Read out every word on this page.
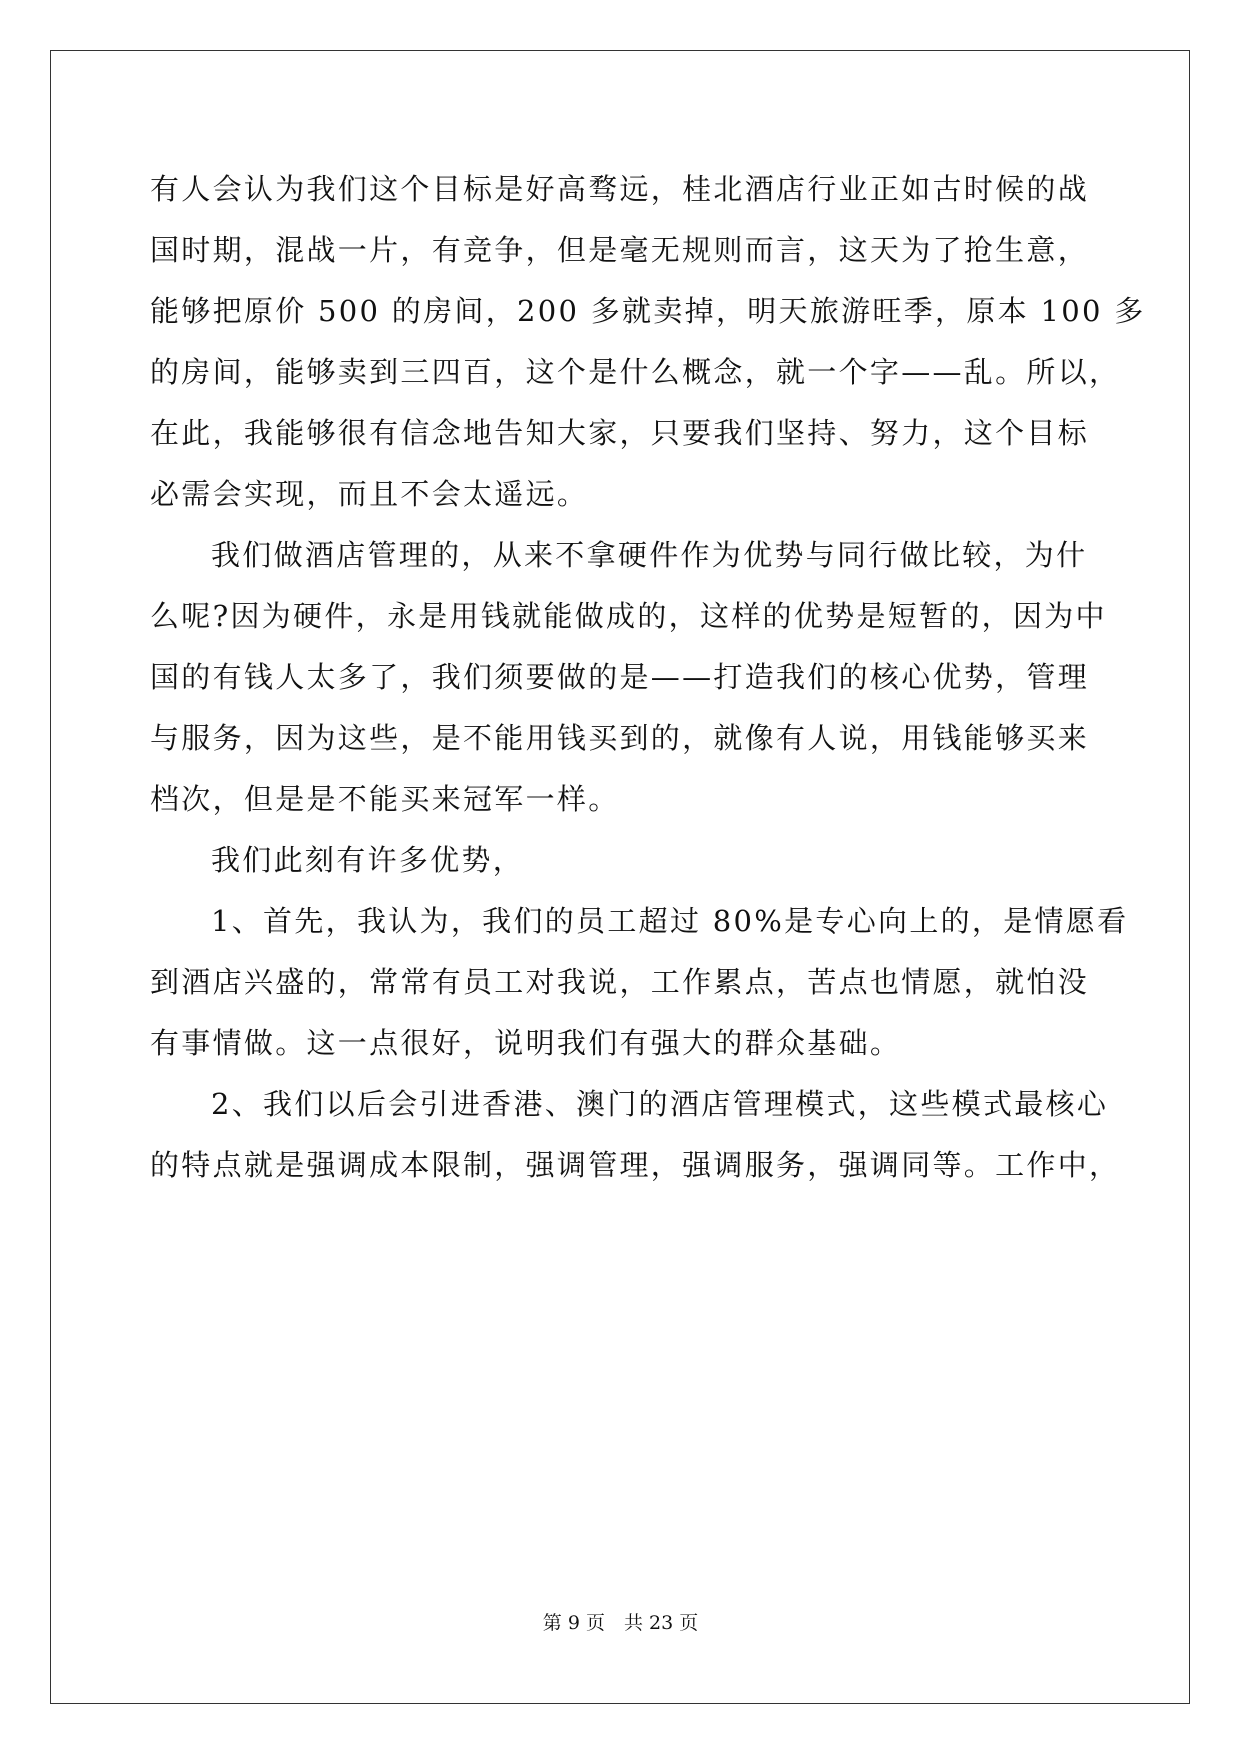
有人会认为我们这个目标是好高骛远，桂北酒店行业正如古时候的战
国时期，混战一片，有竞争，但是毫无规则而言，这天为了抢生意，
能够把原价 500 的房间，200 多就卖掉，明天旅游旺季，原本 100 多
的房间，能够卖到三四百，这个是什么概念，就一个字——乱。所以，
在此，我能够很有信念地告知大家，只要我们坚持、努力，这个目标
必需会实现，而且不会太遥远。
我们做酒店管理的，从来不拿硬件作为优势与同行做比较，为什
么呢?因为硬件，永是用钱就能做成的，这样的优势是短暂的，因为中
国的有钱人太多了，我们须要做的是——打造我们的核心优势，管理
与服务，因为这些，是不能用钱买到的，就像有人说，用钱能够买来
档次，但是是不能买来冠军一样。
我们此刻有许多优势，
1、首先，我认为，我们的员工超过 80%是专心向上的，是情愿看
到酒店兴盛的，常常有员工对我说，工作累点，苦点也情愿，就怕没
有事情做。这一点很好，说明我们有强大的群众基础。
2、我们以后会引进香港、澳门的酒店管理模式，这些模式最核心
的特点就是强调成本限制，强调管理，强调服务，强调同等。工作中，
第 9 页　共 23 页
